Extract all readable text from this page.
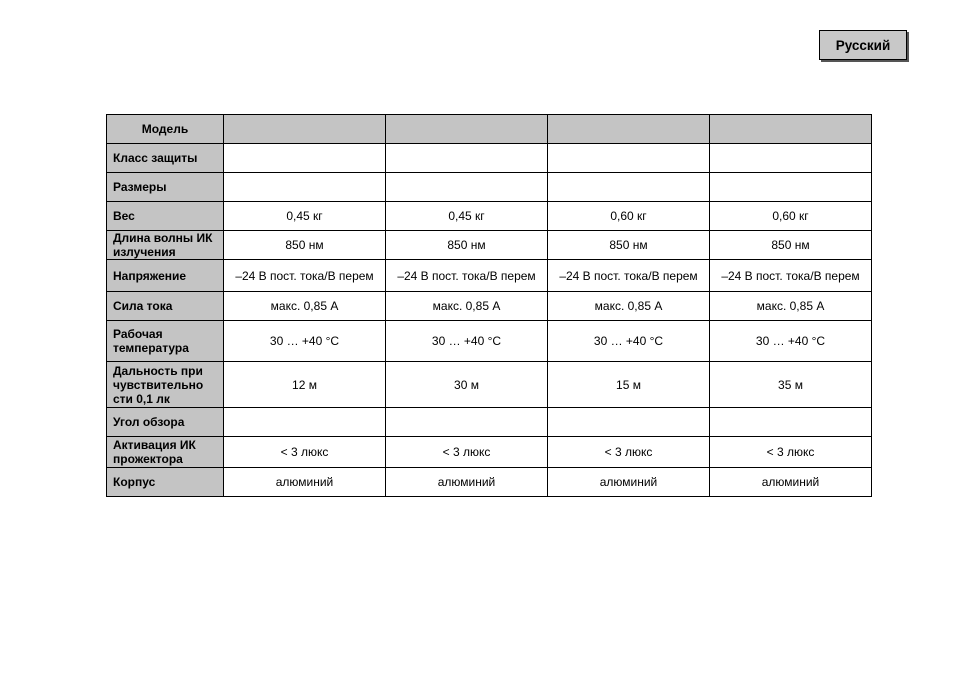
Русский
Модель				
Класс защиты				
Размеры				
Вес	0,45 кг	0,45 кг	0,60 кг	0,60 кг
Длина волны ИК излучения	850 нм	850 нм	850 нм	850 нм
Напряжение	–24 В пост. тока/В перем	–24 В пост. тока/В перем	–24 В пост. тока/В перем	–24 В пост. тока/В перем
Сила тока	макс. 0,85 А	макс. 0,85 А	макс. 0,85 А	макс. 0,85 А
Рабочая температура	30 … +40 °C	30 … +40 °C	30 … +40 °C	30 … +40 °C
Дальность при чувствительно сти 0,1 лк	12 м	30 м	15 м	35 м
Угол обзора				
Активация ИК прожектора	< 3 люкс	< 3 люкс	< 3 люкс	< 3 люкс
Корпус	алюминий	алюминий	алюминий	алюминий
